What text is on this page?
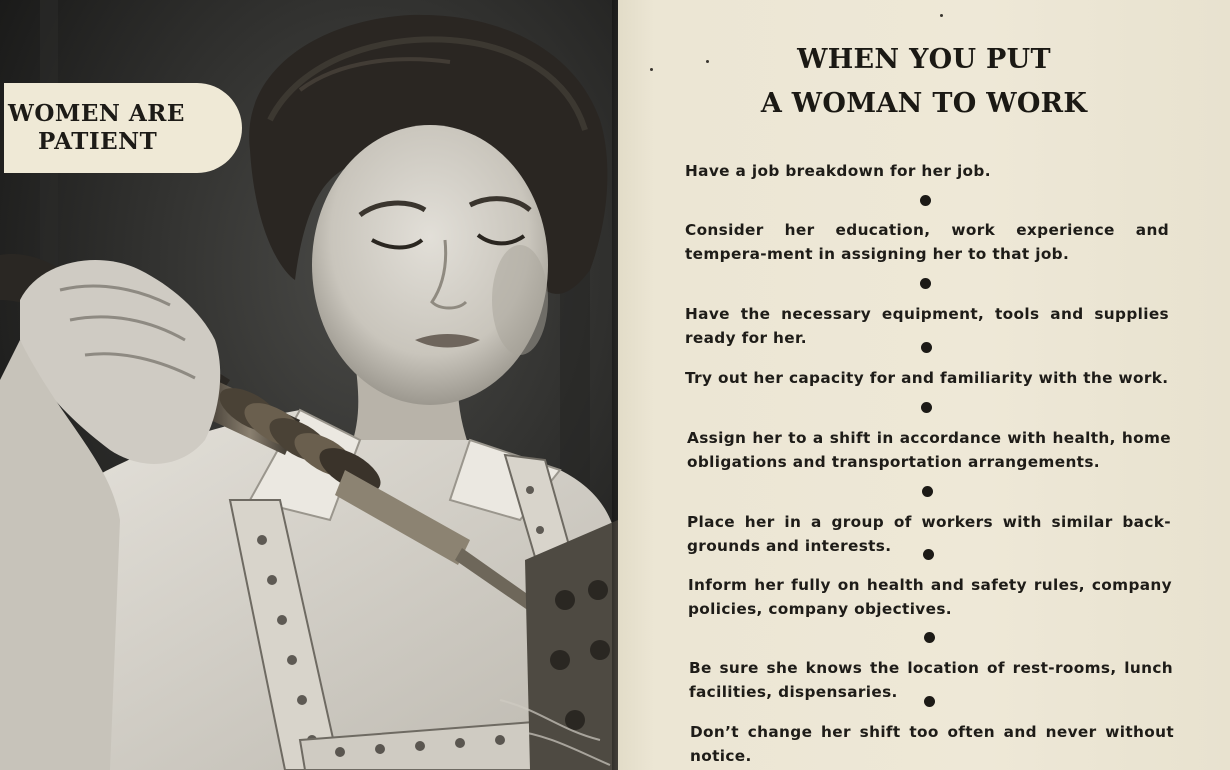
WOMEN ARE
PATIENT
WHEN YOU PUT
A WOMAN TO WORK
Have a job breakdown for her job.
Consider her education, work experience and tempera-ment in assigning her to that job.
Have the necessary equipment, tools and supplies ready for her.
Try out her capacity for and familiarity with the work.
Assign her to a shift in accordance with health, home obligations and transportation arrangements.
Place her in a group of workers with similar back-grounds and interests.
Inform her fully on health and safety rules, company policies, company objectives.
Be sure she knows the location of rest-rooms, lunch facilities, dispensaries.
Don’t change her shift too often and never without notice.
